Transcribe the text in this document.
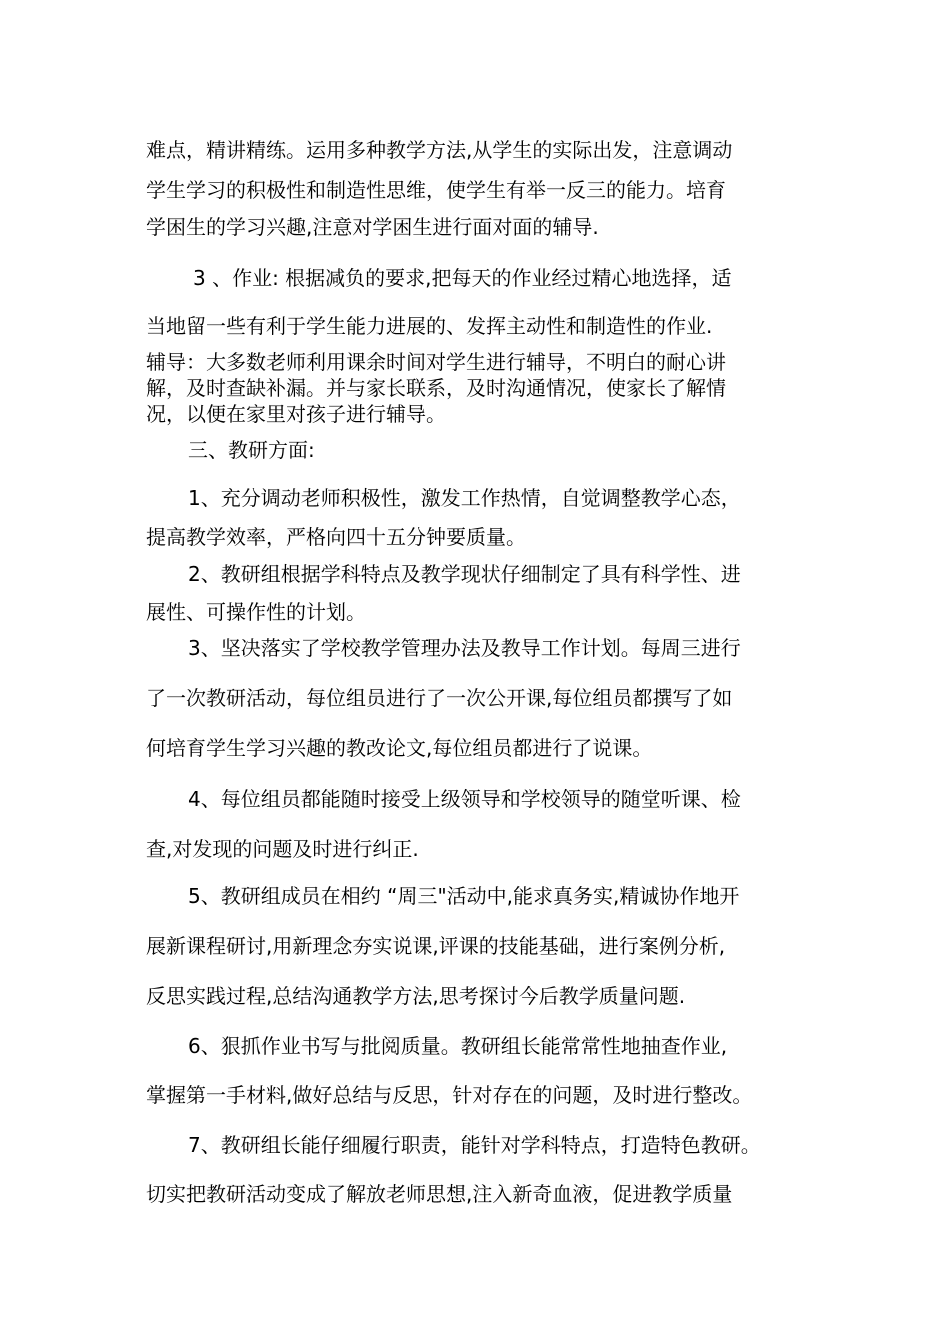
难点，精讲精练。运用多种教学方法,从学生的实际出发，注意调动
学生学习的积极性和制造性思维，使学生有举一反三的能力。培育
学困生的学习兴趣,注意对学困生进行面对面的辅导.
3 、作业: 根据减负的要求,把每天的作业经过精心地选择，适
当地留一些有利于学生能力进展的、发挥主动性和制造性的作业.
辅导：大多数老师利用课余时间对学生进行辅导，不明白的耐心讲
解，及时查缺补漏。并与家长联系，及时沟通情况，使家长了解情
况，以便在家里对孩子进行辅导。
三、教研方面:
1、充分调动老师积极性，激发工作热情，自觉调整教学心态，
提高教学效率，严格向四十五分钟要质量。
2、教研组根据学科特点及教学现状仔细制定了具有科学性、进
展性、可操作性的计划。
3、坚决落实了学校教学管理办法及教导工作计划。每周三进行
了一次教研活动，每位组员进行了一次公开课,每位组员都撰写了如
何培育学生学习兴趣的教改论文,每位组员都进行了说课。
4、每位组员都能随时接受上级领导和学校领导的随堂听课、检
查,对发现的问题及时进行纠正.
5、教研组成员在相约 “周三"活动中,能求真务实,精诚协作地开
展新课程研讨,用新理念夯实说课,评课的技能基础，进行案例分析,
反思实践过程,总结沟通教学方法,思考探讨今后教学质量问题.
6、狠抓作业书写与批阅质量。教研组长能常常性地抽查作业,
掌握第一手材料,做好总结与反思，针对存在的问题，及时进行整改。
7、教研组长能仔细履行职责，能针对学科特点，打造特色教研。
切实把教研活动变成了解放老师思想,注入新奇血液，促进教学质量
